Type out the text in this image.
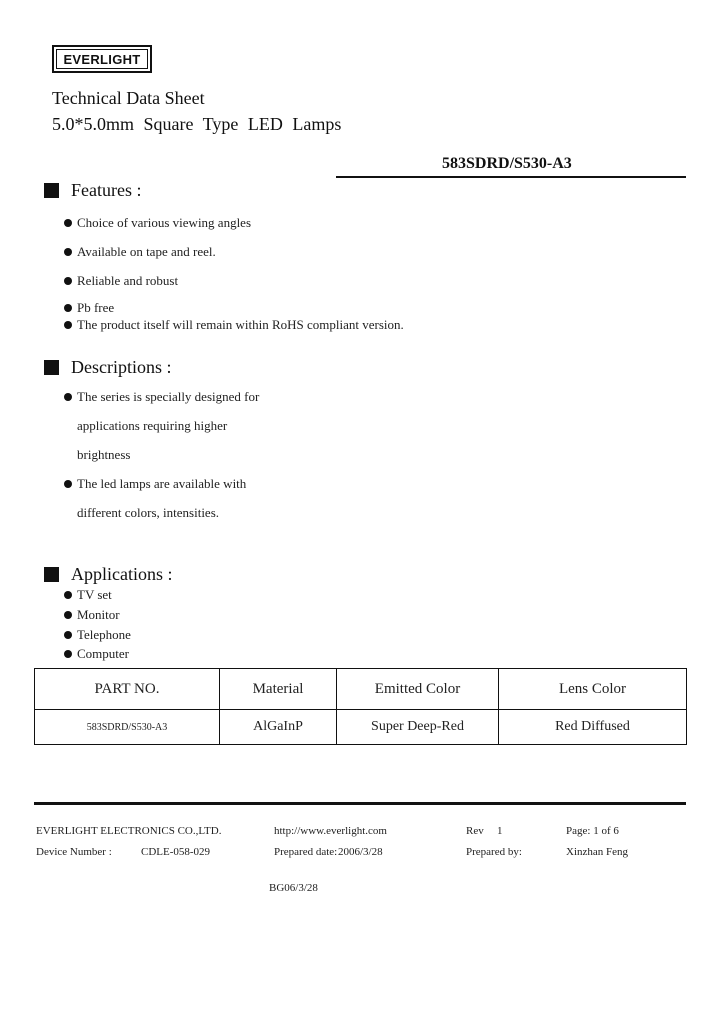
EVERLIGHT
Technical Data Sheet
5.0*5.0mm Square Type LED Lamps
583SDRD/S530-A3
Features :
Choice of various viewing angles
Available on tape and reel.
Reliable and robust
Pb free
The product itself will remain within RoHS compliant version.
Descriptions :
The series is specially designed for
applications requiring higher
brightness
The led lamps are available with
different colors, intensities.
Applications :
TV set
Monitor
Telephone
Computer
PART NO.	Material	Emitted Color	Lens Color
583SDRD/S530-A3	AlGaInP	Super Deep-Red	Red Diffused
EVERLIGHT ELECTRONICS CO.,LTD.	http://www.everlight.com	Rev 1	Page: 1 of 6
Device Number :	CDLE-058-029	Prepared date: 2006/3/28	Prepared by:	Xinzhan Feng
BG06/3/28
